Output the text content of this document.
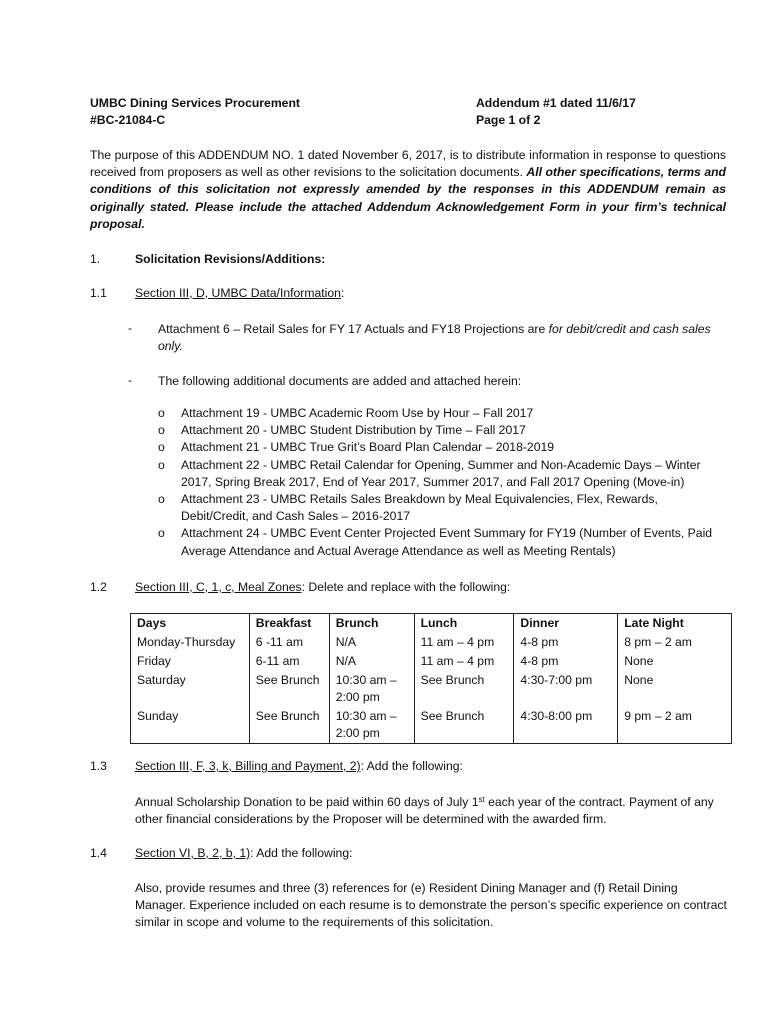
UMBC Dining Services Procurement
#BC-21084-C
Addendum #1 dated 11/6/17
Page 1 of 2
The purpose of this ADDENDUM NO. 1 dated November 6, 2017, is to distribute information in response to questions received from proposers as well as other revisions to the solicitation documents. All other specifications, terms and conditions of this solicitation not expressly amended by the responses in this ADDENDUM remain as originally stated. Please include the attached Addendum Acknowledgement Form in your firm’s technical proposal.
1.	Solicitation Revisions/Additions:
1.1 Section III, D, UMBC Data/Information:
- Attachment 6 – Retail Sales for FY 17 Actuals and FY18 Projections are for debit/credit and cash sales only.
- The following additional documents are added and attached herein:
o Attachment 19 - UMBC Academic Room Use by Hour – Fall 2017
o Attachment 20 - UMBC Student Distribution by Time – Fall 2017
o Attachment 21 - UMBC True Grit’s Board Plan Calendar – 2018-2019
o Attachment 22 - UMBC Retail Calendar for Opening, Summer and Non-Academic Days – Winter 2017, Spring Break 2017, End of Year 2017, Summer 2017, and Fall 2017 Opening (Move-in)
o Attachment 23 - UMBC Retails Sales Breakdown by Meal Equivalencies, Flex, Rewards, Debit/Credit, and Cash Sales – 2016-2017
o Attachment 24 - UMBC Event Center Projected Event Summary for FY19 (Number of Events, Paid Average Attendance and Actual Average Attendance as well as Meeting Rentals)
1.2 Section III, C, 1, c, Meal Zones: Delete and replace with the following:
Days	Breakfast	Brunch	Lunch	Dinner	Late Night
Monday-Thursday	6 -11 am	N/A	11 am – 4 pm	4-8 pm	8 pm – 2 am
Friday	6-11 am	N/A	11 am – 4 pm	4-8 pm	None
Saturday	See Brunch	10:30 am – 2:00 pm	See Brunch	4:30-7:00 pm	None
Sunday	See Brunch	10:30 am – 2:00 pm	See Brunch	4:30-8:00 pm	9 pm – 2 am
1.3 Section III, F, 3, k, Billing and Payment, 2): Add the following:
Annual Scholarship Donation to be paid within 60 days of July 1st each year of the contract. Payment of any other financial considerations by the Proposer will be determined with the awarded firm.
1.4 Section VI, B, 2, b, 1): Add the following:
Also, provide resumes and three (3) references for (e) Resident Dining Manager and (f) Retail Dining Manager. Experience included on each resume is to demonstrate the person’s specific experience on contract similar in scope and volume to the requirements of this solicitation.
